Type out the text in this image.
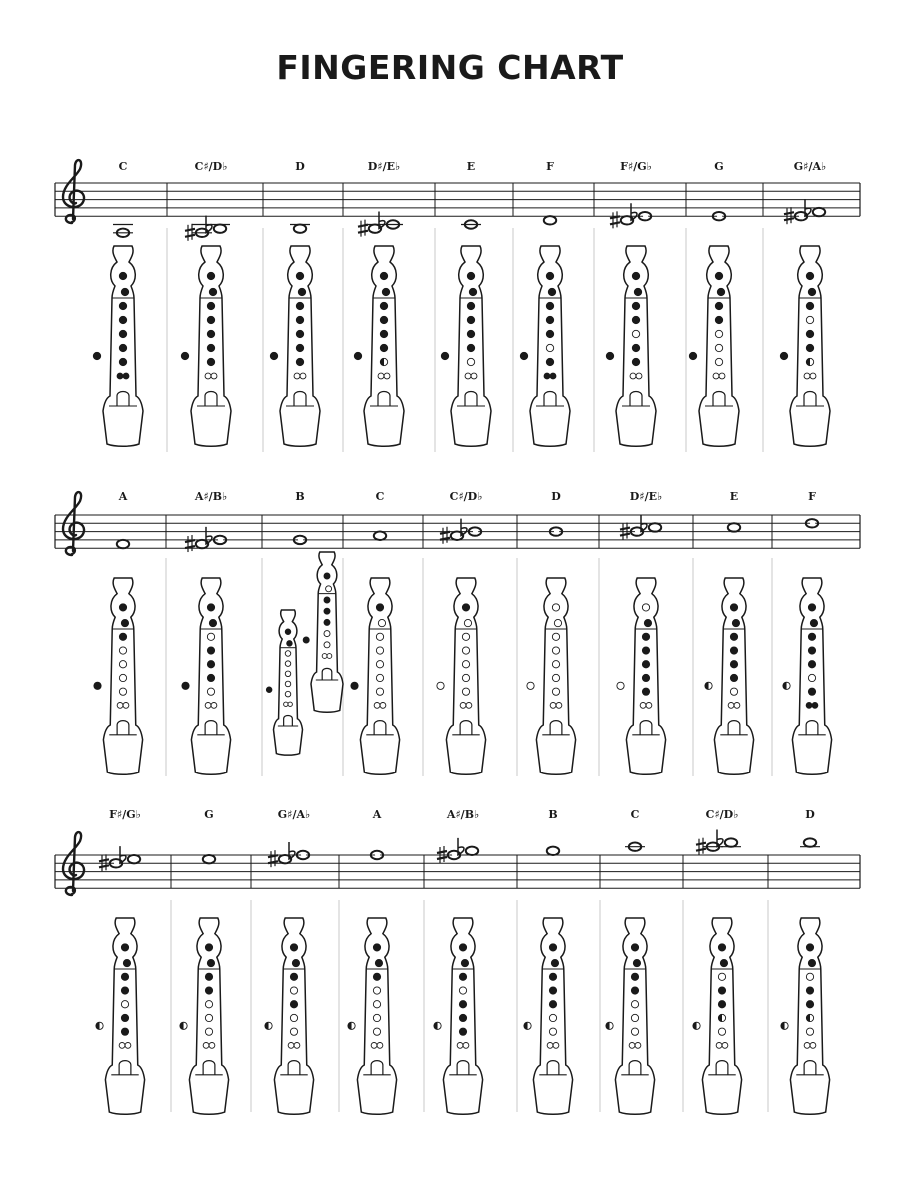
FINGERING CHART
C	C♯/D♭	D	D♯/E♭	E	F	F♯/G♭	G	G♯/A♭
A	A♯/B♭	B	C	C♯/D♭	D	D♯/E♭	E	F
F♯/G♭	G	G♯/A♭	A	A♯/B♭	B	C	C♯/D♭	D
